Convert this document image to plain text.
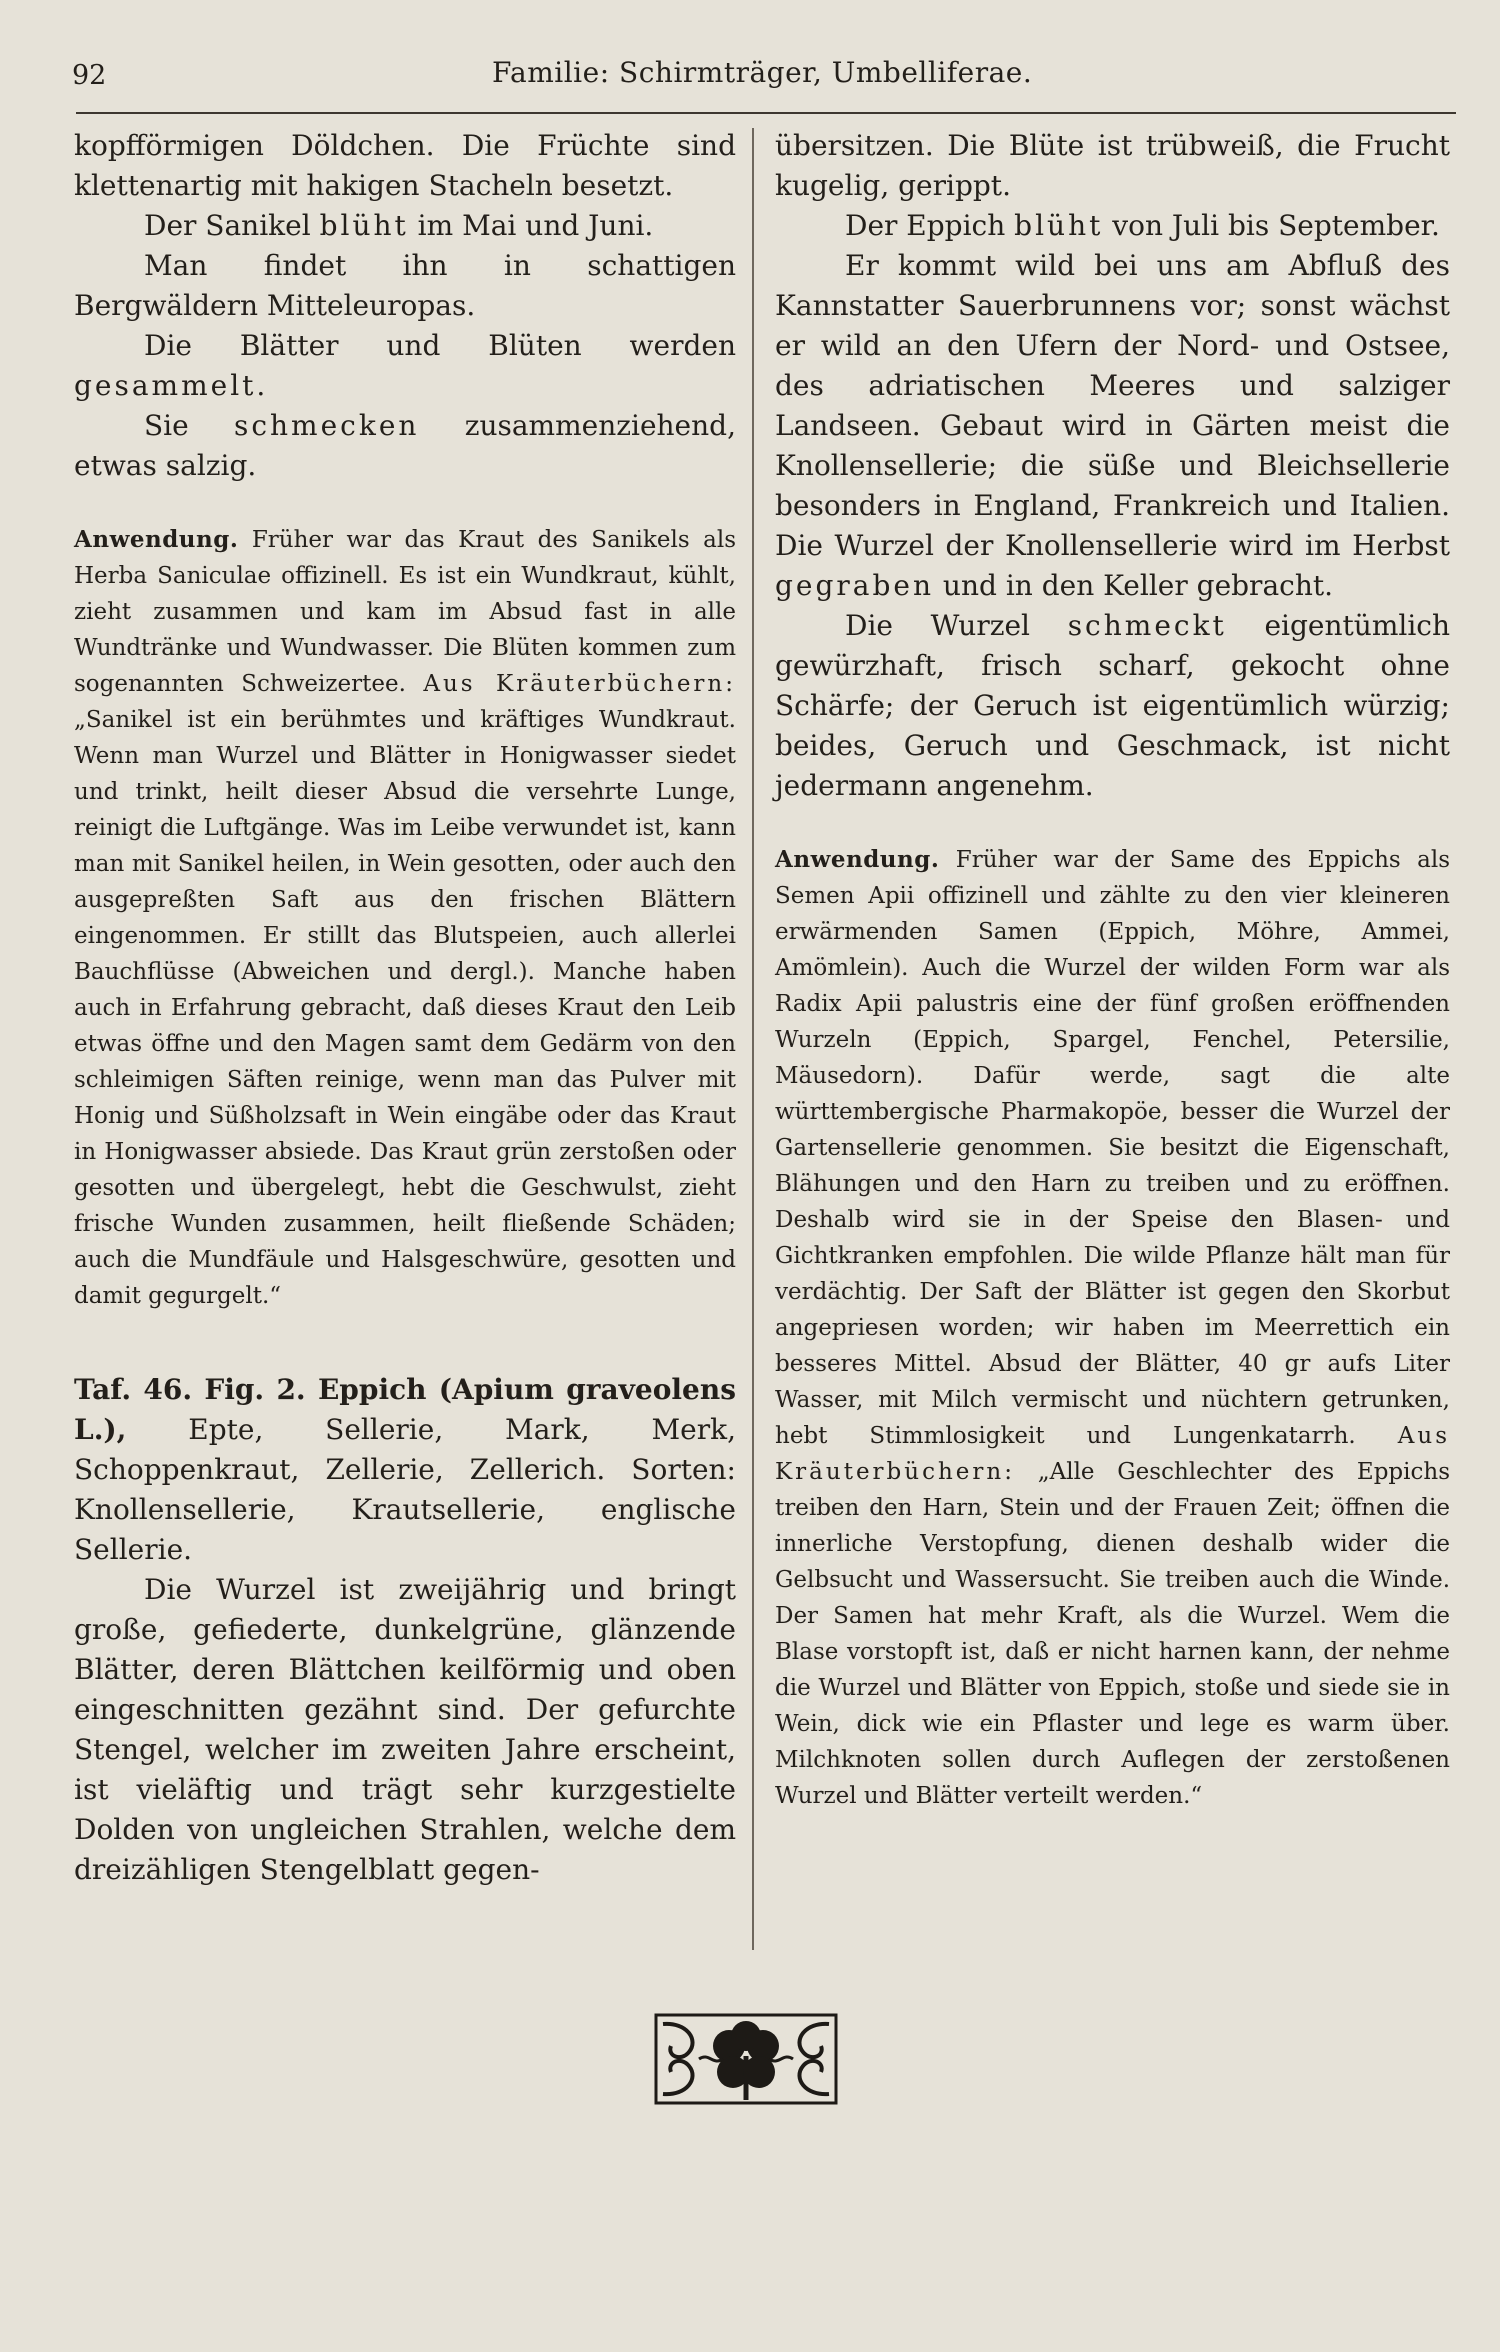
92	Familie: Schirmträger, Umbelliferae.

kopfförmigen Döldchen. Die Früchte sind klettenartig mit hakigen Stacheln besetzt.

Der Sanikel blüht im Mai und Juni.

Man findet ihn in schattigen Bergwäldern Mitteleuropas.

Die Blätter und Blüten werden gesammelt.

Sie schmecken zusammenziehend, etwas salzig.

Anwendung. Früher war das Kraut des Sanikels als Herba Saniculae offizinell. Es ist ein Wundkraut, kühlt, zieht zusammen und kam im Absud fast in alle Wundtränke und Wundwasser. Die Blüten kommen zum sogenannten Schweizertee. Aus Kräuterbüchern: „Sanikel ist ein berühmtes und kräftiges Wundkraut. Wenn man Wurzel und Blätter in Honigwasser siedet und trinkt, heilt dieser Absud die versehrte Lunge, reinigt die Luftgänge. Was im Leibe verwundet ist, kann man mit Sanikel heilen, in Wein gesotten, oder auch den ausgepreßten Saft aus den frischen Blättern eingenommen. Er stillt das Blutspeien, auch allerlei Bauchflüsse (Abweichen und dergl.). Manche haben auch in Erfahrung gebracht, daß dieses Kraut den Leib etwas öffne und den Magen samt dem Gedärm von den schleimigen Säften reinige, wenn man das Pulver mit Honig und Süßholzsaft in Wein eingäbe oder das Kraut in Honigwasser absiede. Das Kraut grün zerstoßen oder gesotten und übergelegt, hebt die Geschwulst, zieht frische Wunden zusammen, heilt fließende Schäden; auch die Mundfäule und Halsgeschwüre, gesotten und damit gegurgelt.“

Taf. 46. Fig. 2. Eppich (Apium graveolens L.), Epte, Sellerie, Mark, Merk, Schoppenkraut, Zellerie, Zellerich. Sorten: Knollensellerie, Krautsellerie, englische Sellerie.

Die Wurzel ist zweijährig und bringt große, gefiederte, dunkelgrüne, glänzende Blätter, deren Blättchen keilförmig und oben eingeschnitten gezähnt sind. Der gefurchte Stengel, welcher im zweiten Jahre erscheint, ist vieläftig und trägt sehr kurzgestielte Dolden von ungleichen Strahlen, welche dem dreizähligen Stengelblatt gegen-

übersitzen. Die Blüte ist trübweiß, die Frucht kugelig, gerippt.

Der Eppich blüht von Juli bis September.

Er kommt wild bei uns am Abfluß des Kannstatter Sauerbrunnens vor; sonst wächst er wild an den Ufern der Nord- und Ostsee, des adriatischen Meeres und salziger Landseen. Gebaut wird in Gärten meist die Knollensellerie; die süße und Bleichsellerie besonders in England, Frankreich und Italien. Die Wurzel der Knollensellerie wird im Herbst gegraben und in den Keller gebracht.

Die Wurzel schmeckt eigentümlich gewürzhaft, frisch scharf, gekocht ohne Schärfe; der Geruch ist eigentümlich würzig; beides, Geruch und Geschmack, ist nicht jedermann angenehm.

Anwendung. Früher war der Same des Eppichs als Semen Apii offizinell und zählte zu den vier kleineren erwärmenden Samen (Eppich, Möhre, Ammei, Amömlein). Auch die Wurzel der wilden Form war als Radix Apii palustris eine der fünf großen eröffnenden Wurzeln (Eppich, Spargel, Fenchel, Petersilie, Mäusedorn). Dafür werde, sagt die alte württembergische Pharmakopöe, besser die Wurzel der Gartensellerie genommen. Sie besitzt die Eigenschaft, Blähungen und den Harn zu treiben und zu eröffnen. Deshalb wird sie in der Speise den Blasen- und Gichtkranken empfohlen. Die wilde Pflanze hält man für verdächtig. Der Saft der Blätter ist gegen den Skorbut angepriesen worden; wir haben im Meerrettich ein besseres Mittel. Absud der Blätter, 40 gr aufs Liter Wasser, mit Milch vermischt und nüchtern getrunken, hebt Stimmlosigkeit und Lungenkatarrh. Aus Kräuterbüchern: „Alle Geschlechter des Eppichs treiben den Harn, Stein und der Frauen Zeit; öffnen die innerliche Verstopfung, dienen deshalb wider die Gelbsucht und Wassersucht. Sie treiben auch die Winde. Der Samen hat mehr Kraft, als die Wurzel. Wem die Blase vorstopft ist, daß er nicht harnen kann, der nehme die Wurzel und Blätter von Eppich, stoße und siede sie in Wein, dick wie ein Pflaster und lege es warm über. Milchknoten sollen durch Auflegen der zerstoßenen Wurzel und Blätter verteilt werden.“
